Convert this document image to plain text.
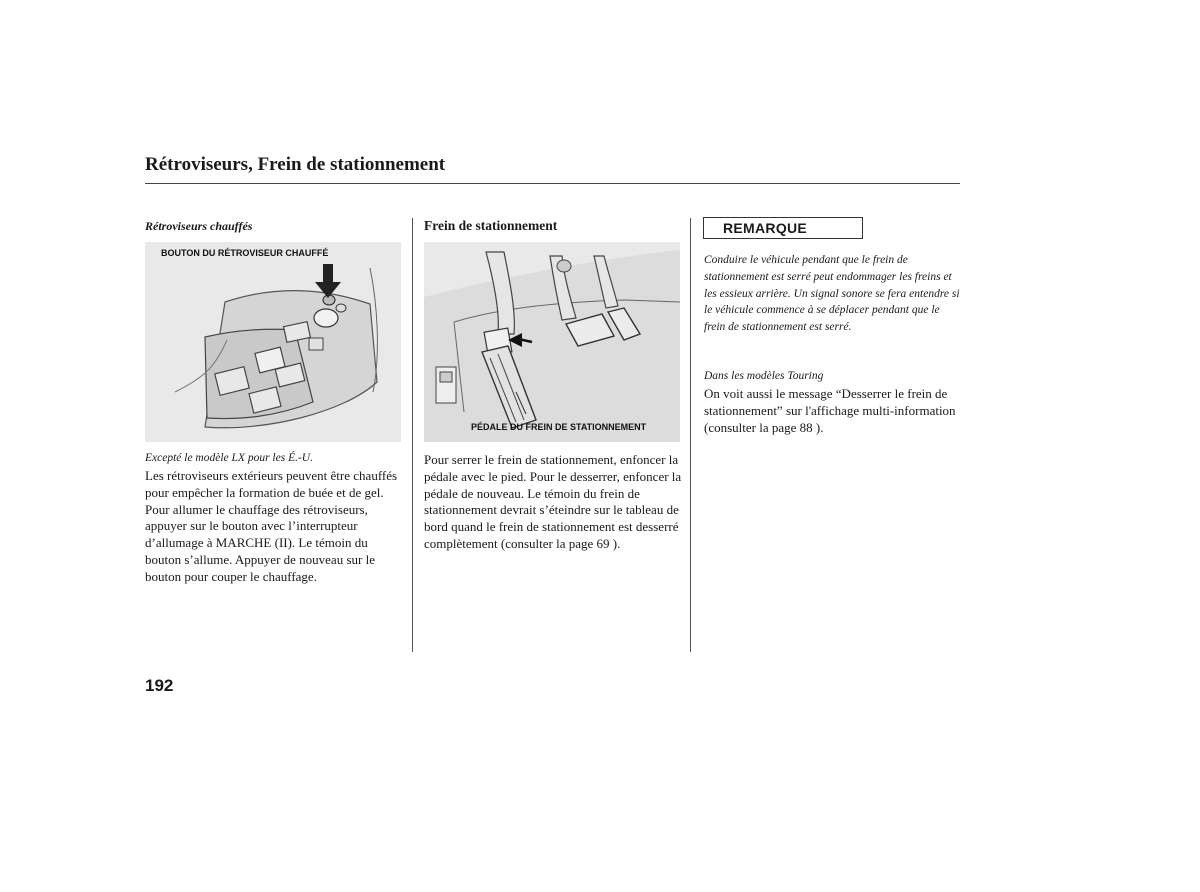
Rétroviseurs, Frein de stationnement
Rétroviseurs chauffés
BOUTON DU RÉTROVISEUR CHAUFFÉ
Excepté le modèle LX pour les É.-U.

Les rétroviseurs extérieurs peuvent être chauffés pour empêcher la formation de buée et de gel. Pour allumer le chauffage des rétroviseurs, appuyer sur le bouton avec l’interrupteur d’allumage à MARCHE (II). Le témoin du bouton s’allume. Appuyer de nouveau sur le bouton pour couper le chauffage.

Frein de stationnement
PÉDALE DU FREIN DE STATIONNEMENT

Pour serrer le frein de stationnement, enfoncer la pédale avec le pied. Pour le desserrer, enfoncer la pédale de nouveau. Le témoin du frein de stationnement devrait s’éteindre sur le tableau de bord quand le frein de stationnement est desserré complètement (consulter la page 69 ).

REMARQUE

Conduire le véhicule pendant que le frein de stationnement est serré peut endommager les freins et les essieux arrière. Un signal sonore se fera entendre si le véhicule commence à se déplacer pendant que le frein de stationnement est serré.

Dans les modèles Touring

On voit aussi le message “Desserrer le frein de stationnement” sur l'affichage multi-information (consulter la page 88 ).

192
